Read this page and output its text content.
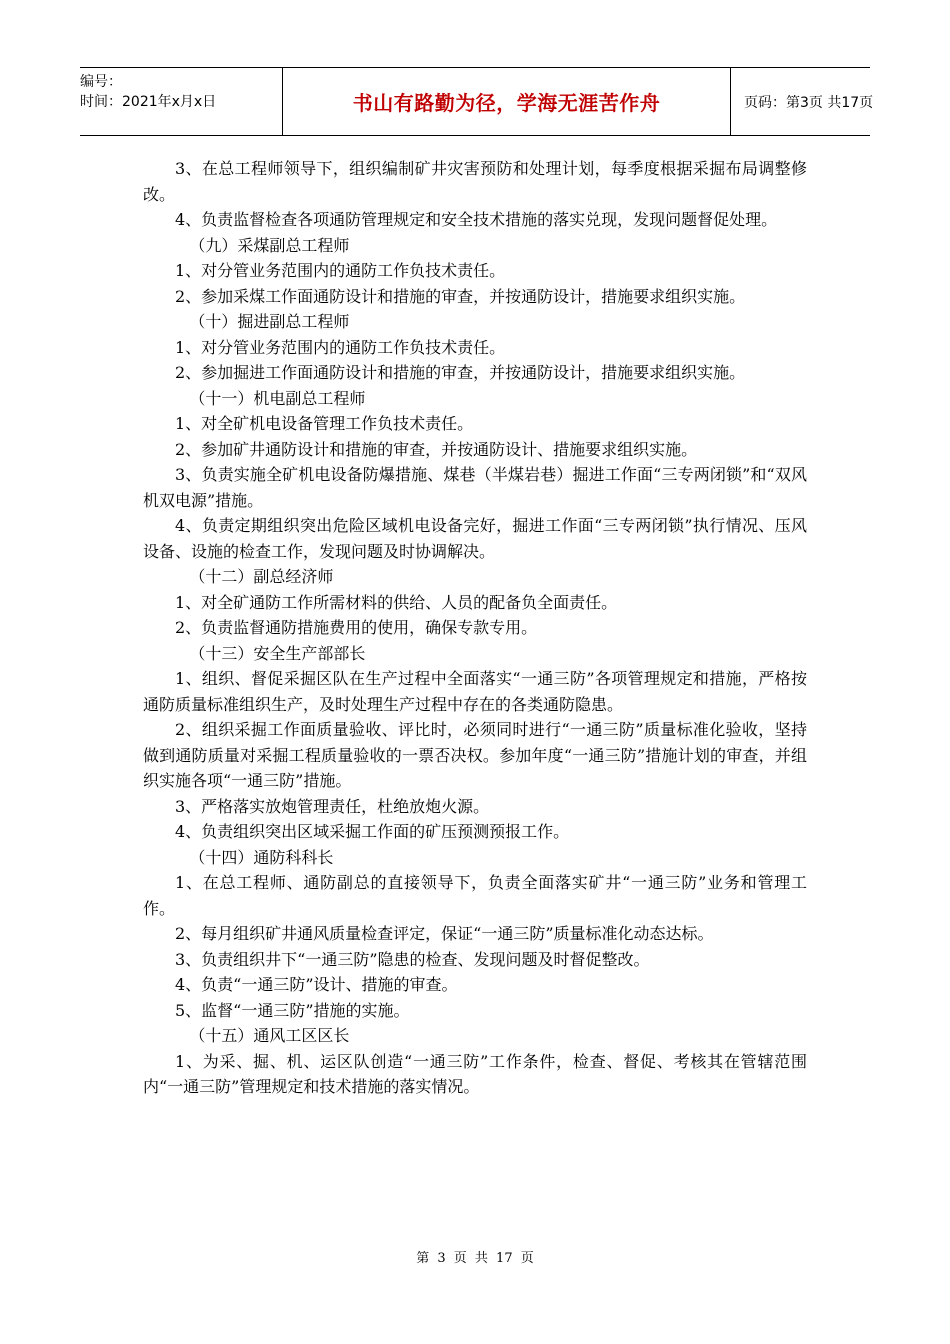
编号：
时间：2021年x月x日	书山有路勤为径，学海无涯苦作舟	页码：第3页 共17页

3、在总工程师领导下，组织编制矿井灾害预防和处理计划，每季度根据采掘布局调整修改。

4、负责监督检查各项通防管理规定和安全技术措施的落实兑现，发现问题督促处理。

（九）采煤副总工程师

1、对分管业务范围内的通防工作负技术责任。

2、参加采煤工作面通防设计和措施的审查，并按通防设计，措施要求组织实施。

（十）掘进副总工程师

1、对分管业务范围内的通防工作负技术责任。

2、参加掘进工作面通防设计和措施的审查，并按通防设计，措施要求组织实施。

（十一）机电副总工程师

1、对全矿机电设备管理工作负技术责任。

2、参加矿井通防设计和措施的审查，并按通防设计、措施要求组织实施。

3、负责实施全矿机电设备防爆措施、煤巷（半煤岩巷）掘进工作面“三专两闭锁”和“双风机双电源”措施。

4、负责定期组织突出危险区域机电设备完好，掘进工作面“三专两闭锁”执行情况、压风设备、设施的检查工作，发现问题及时协调解决。

（十二）副总经济师

1、对全矿通防工作所需材料的供给、人员的配备负全面责任。

2、负责监督通防措施费用的使用，确保专款专用。

（十三）安全生产部部长

1、组织、督促采掘区队在生产过程中全面落实“一通三防”各项管理规定和措施，严格按通防质量标准组织生产，及时处理生产过程中存在的各类通防隐患。

2、组织采掘工作面质量验收、评比时，必须同时进行“一通三防”质量标准化验收，坚持做到通防质量对采掘工程质量验收的一票否决权。参加年度“一通三防”措施计划的审查，并组织实施各项“一通三防”措施。

3、严格落实放炮管理责任，杜绝放炮火源。

4、负责组织突出区域采掘工作面的矿压预测预报工作。

（十四）通防科科长

1、在总工程师、通防副总的直接领导下，负责全面落实矿井“一通三防”业务和管理工作。

2、每月组织矿井通风质量检查评定，保证“一通三防”质量标准化动态达标。

3、负责组织井下“一通三防”隐患的检查、发现问题及时督促整改。

4、负责“一通三防”设计、措施的审查。

5、监督“一通三防”措施的实施。

（十五）通风工区区长

1、为采、掘、机、运区队创造“一通三防”工作条件，检查、督促、考核其在管辖范围内“一通三防”管理规定和技术措施的落实情况。

第 3 页 共 17 页
